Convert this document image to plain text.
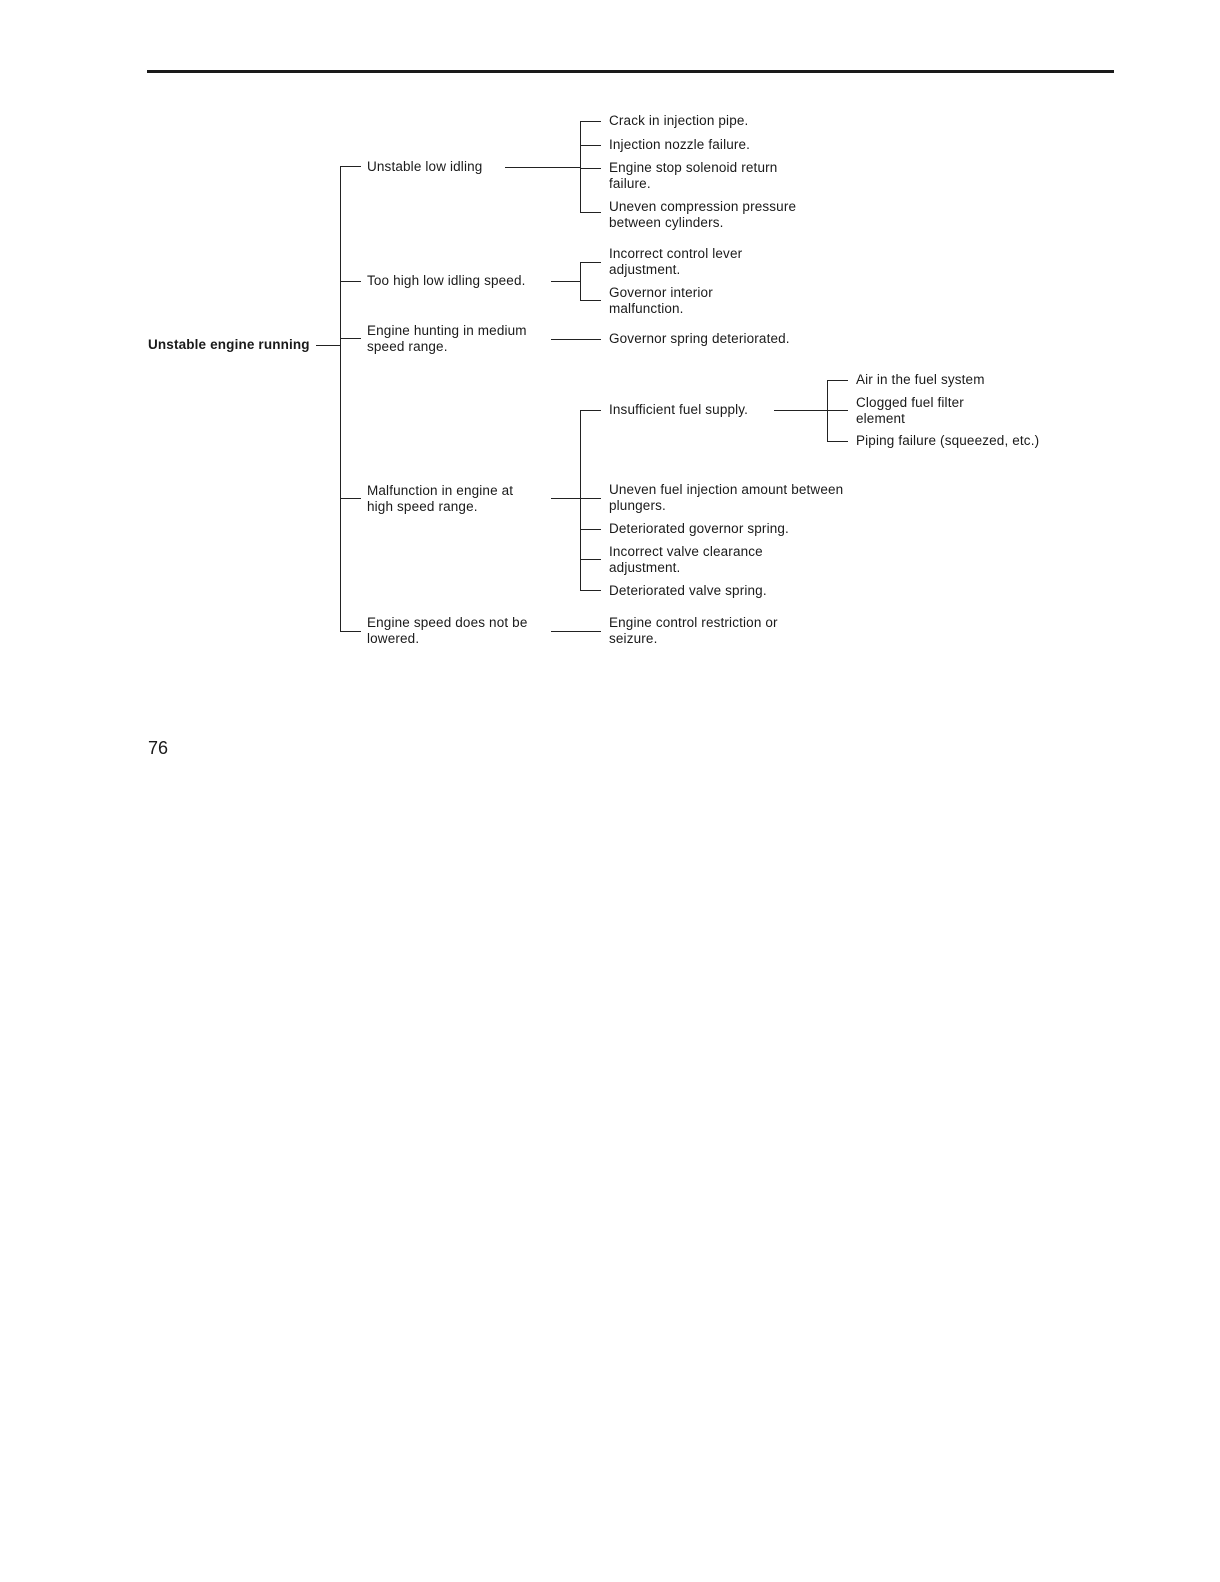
Unstable engine running
Unstable low idling
Crack in injection pipe.
Injection nozzle failure.
Engine stop solenoid return failure.
Uneven compression pressure between cylinders.
Too high low idling speed.
Incorrect control lever adjustment.
Governor interior malfunction.
Engine hunting in medium speed range.	Governor spring deteriorated.
Malfunction in engine at high speed range.
Insufficient fuel supply.
Air in the fuel system
Clogged fuel filter element
Piping failure (squeezed, etc.)
Uneven fuel injection amount between plungers.
Deteriorated governor spring.
Incorrect valve clearance adjustment.
Deteriorated valve spring.
Engine speed does not be lowered.
Engine control restriction or seizure.
76
